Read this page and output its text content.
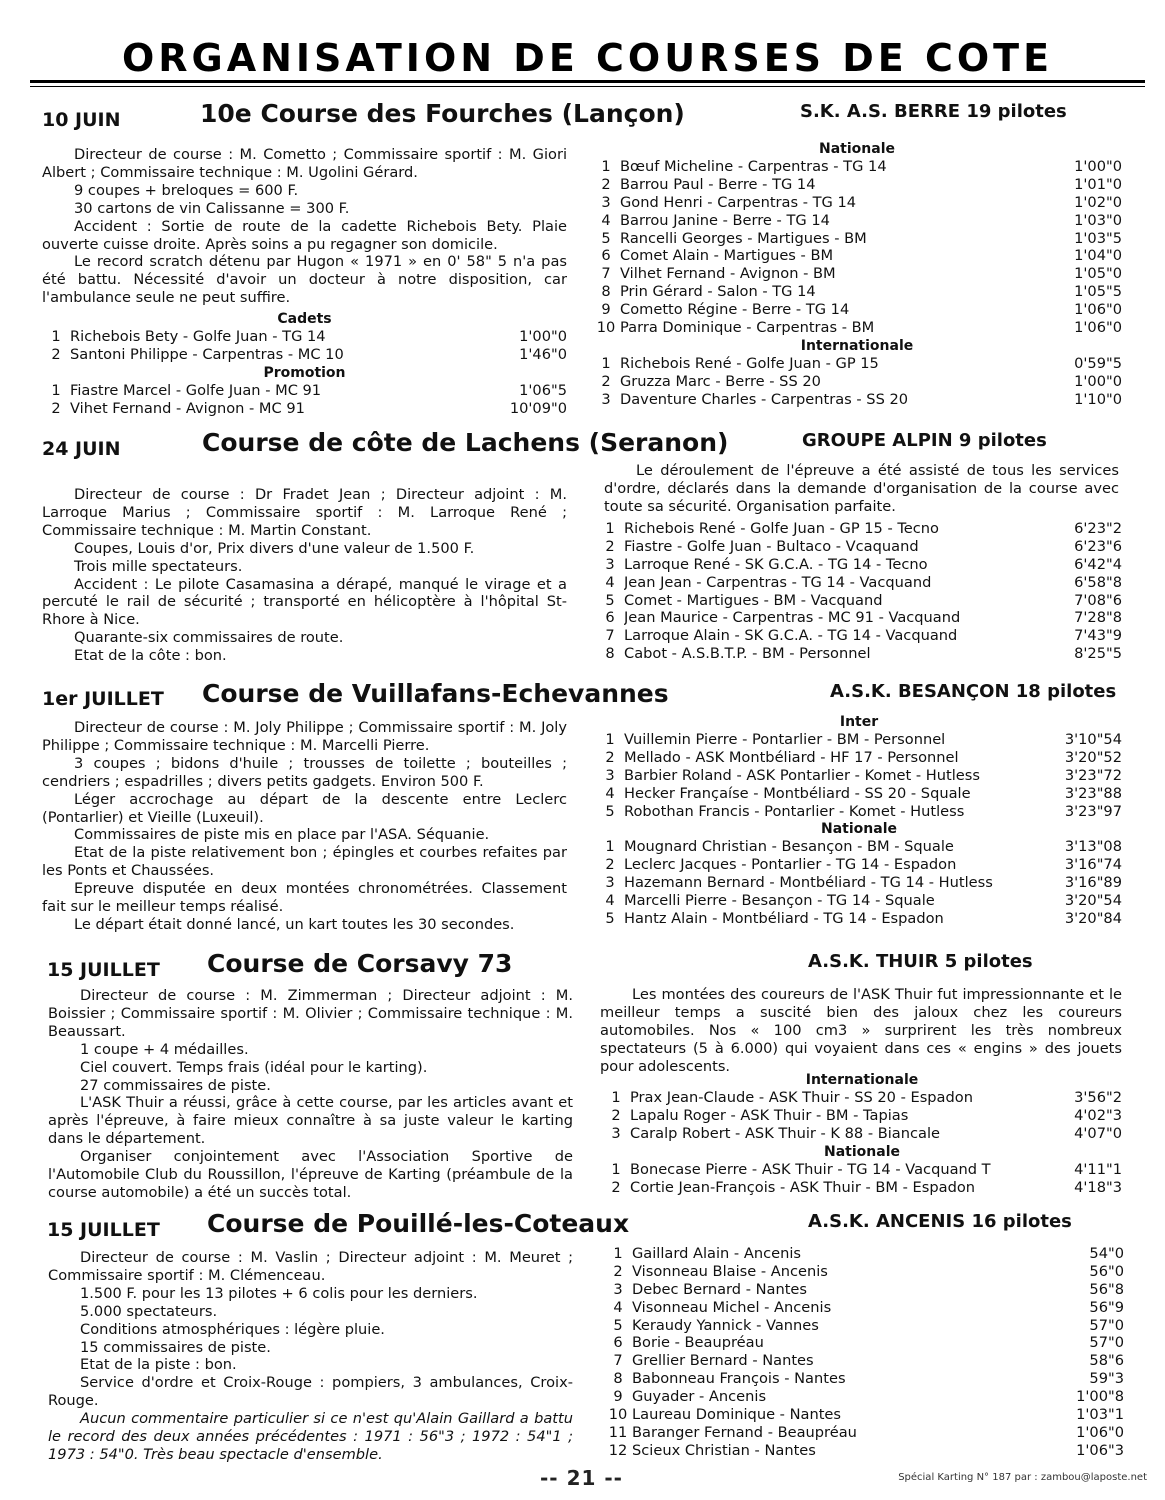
ORGANISATION DE COURSES DE COTE
10 JUIN	10e Course des Fourches (Lançon)	S.K. A.S. BERRE 19 pilotes

Directeur de course : M. Cometto ; Commissaire sportif : M. Giori Albert ; Commissaire technique : M. Ugolini Gérard.

9 coupes + breloques = 600 F.

30 cartons de vin Calissanne = 300 F.

Accident : Sortie de route de la cadette Richebois Bety. Plaie ouverte cuisse droite. Après soins a pu regagner son domicile.

Le record scratch détenu par Hugon « 1971 » en 0' 58" 5 n'a pas été battu. Nécessité d'avoir un docteur à notre disposition, car l'ambulance seule ne peut suffire.

Cadets
1 Richebois Bety - Golfe Juan - TG 14	1'00"0
2 Santoni Philippe - Carpentras - MC 10	1'46"0
Promotion
1 Fiastre Marcel - Golfe Juan - MC 91	1'06"5
2 Vihet Fernand - Avignon - MC 91	10'09"0
Nationale
1 Bœuf Micheline - Carpentras - TG 14	1'00"0
2 Barrou Paul - Berre - TG 14	1'01"0
3 Gond Henri - Carpentras - TG 14	1'02"0
4 Barrou Janine - Berre - TG 14	1'03"0
5 Rancelli Georges - Martigues - BM	1'03"5
6 Comet Alain - Martigues - BM	1'04"0
7 Vilhet Fernand - Avignon - BM	1'05"0
8 Prin Gérard - Salon - TG 14	1'05"5
9 Cometto Régine - Berre - TG 14	1'06"0
10 Parra Dominique - Carpentras - BM	1'06"0
Internationale
1 Richebois René - Golfe Juan - GP 15	0'59"5
2 Gruzza Marc - Berre - SS 20	1'00"0
3 Daventure Charles - Carpentras - SS 20	1'10"0
24 JUIN	Course de côte de Lachens (Seranon)	GROUPE ALPIN 9 pilotes

Directeur de course : Dr Fradet Jean ; Directeur adjoint : M. Larroque Marius ; Commissaire sportif : M. Larroque René ; Commissaire technique : M. Martin Constant.

Coupes, Louis d'or, Prix divers d'une valeur de 1.500 F.

Trois mille spectateurs.

Accident : Le pilote Casamasina a dérapé, manqué le virage et a percuté le rail de sécurité ; transporté en hélicoptère à l'hôpital St-Rhore à Nice.

Quarante-six commissaires de route.

Etat de la côte : bon.

Le déroulement de l'épreuve a été assisté de tous les services d'ordre, déclarés dans la demande d'organisation de la course avec toute sa sécurité. Organisation parfaite.

1 Richebois René - Golfe Juan - GP 15 - Tecno	6'23"2
2 Fiastre - Golfe Juan - Bultaco - Vcaquand	6'23"6
3 Larroque René - SK G.C.A. - TG 14 - Tecno	6'42"4
4 Jean Jean - Carpentras - TG 14 - Vacquand	6'58"8
5 Comet - Martigues - BM - Vacquand	7'08"6
6 Jean Maurice - Carpentras - MC 91 - Vacquand	7'28"8
7 Larroque Alain - SK G.C.A. - TG 14 - Vacquand	7'43"9
8 Cabot - A.S.B.T.P. - BM - Personnel	8'25"5
1er JUILLET Course de Vuillafans-Echevannes	A.S.K. BESANÇON 18 pilotes

Directeur de course : M. Joly Philippe ; Commissaire sportif : M. Joly Philippe ; Commissaire technique : M. Marcelli Pierre.

3 coupes ; bidons d'huile ; trousses de toilette ; bouteilles ; cendriers ; espadrilles ; divers petits gadgets. Environ 500 F.

Léger accrochage au départ de la descente entre Leclerc (Pontarlier) et Vieille (Luxeuil).

Commissaires de piste mis en place par l'ASA. Séquanie.

Etat de la piste relativement bon ; épingles et courbes refaites par les Ponts et Chaussées.

Epreuve disputée en deux montées chronométrées. Classement fait sur le meilleur temps réalisé.

Le départ était donné lancé, un kart toutes les 30 secondes.

Inter
1 Vuillemin Pierre - Pontarlier - BM - Personnel	3'10"54
2 Mellado - ASK Montbéliard - HF 17 - Personnel	3'20"52
3 Barbier Roland - ASK Pontarlier - Komet - Hutless	3'23"72
4 Hecker Françaíse - Montbéliard - SS 20 - Squale	3'23"88
5 Robothan Francis - Pontarlier - Komet - Hutless	3'23"97
Nationale
1 Mougnard Christian - Besançon - BM - Squale	3'13"08
2 Leclerc Jacques - Pontarlier - TG 14 - Espadon	3'16"74
3 Hazemann Bernard - Montbéliard - TG 14 - Hutless	3'16"89
4 Marcelli Pierre - Besançon - TG 14 - Squale	3'20"54
5 Hantz Alain - Montbéliard - TG 14 - Espadon	3'20"84
15 JUILLET Course de Corsavy 73	A.S.K. THUIR 5 pilotes

Directeur de course : M. Zimmerman ; Directeur adjoint : M. Boissier ; Commissaire sportif : M. Olivier ; Commissaire technique : M. Beaussart.

1 coupe + 4 médailles.

Ciel couvert. Temps frais (idéal pour le karting).

27 commissaires de piste.

L'ASK Thuir a réussi, grâce à cette course, par les articles avant et après l'épreuve, à faire mieux connaître à sa juste valeur le karting dans le département.

Organiser conjointement avec l'Association Sportive de l'Automobile Club du Roussillon, l'épreuve de Karting (préambule de la course automobile) a été un succès total.

Les montées des coureurs de l'ASK Thuir fut impressionnante et le meilleur temps a suscité bien des jaloux chez les coureurs automobiles. Nos « 100 cm3 » surprirent les très nombreux spectateurs (5 à 6.000) qui voyaient dans ces « engins » des jouets pour adolescents.

Internationale
1 Prax Jean-Claude - ASK Thuir - SS 20 - Espadon	3'56"2
2 Lapalu Roger - ASK Thuir - BM - Tapias	4'02"3
3 Caralp Robert - ASK Thuir - K 88 - Biancale	4'07"0
Nationale
1 Bonecase Pierre - ASK Thuir - TG 14 - Vacquand T	4'11"1
2 Cortie Jean-François - ASK Thuir - BM - Espadon	4'18"3
15 JUILLET Course de Pouillé-les-Coteaux	A.S.K. ANCENIS 16 pilotes

Directeur de course : M. Vaslin ; Directeur adjoint : M. Meuret ; Commissaire sportif : M. Clémenceau.

1.500 F. pour les 13 pilotes + 6 colis pour les derniers.

5.000 spectateurs.

Conditions atmosphériques : légère pluie.

15 commissaires de piste.

Etat de la piste : bon.

Service d'ordre et Croix-Rouge : pompiers, 3 ambulances, Croix-Rouge.

Aucun commentaire particulier si ce n'est qu'Alain Gaillard a battu le record des deux années précédentes : 1971 : 56"3 ; 1972 : 54"1 ; 1973 : 54"0. Très beau spectacle d'ensemble.

1 Gaillard Alain - Ancenis	54"0
2 Visonneau Blaise - Ancenis	56"0
3 Debec Bernard - Nantes	56"8
4 Visonneau Michel - Ancenis	56"9
5 Keraudy Yannick - Vannes	57"0
6 Borie - Beaupréau	57"0
7 Grellier Bernard - Nantes	58"6
8 Babonneau François - Nantes	59"3
9 Guyader - Ancenis	1'00"8
10 Laureau Dominique - Nantes	1'03"1
11 Baranger Fernand - Beaupréau	1'06"0
12 Scieux Christian - Nantes	1'06"3
-- 21 --	Spécial Karting N° 187 par : zambou@laposte.net
